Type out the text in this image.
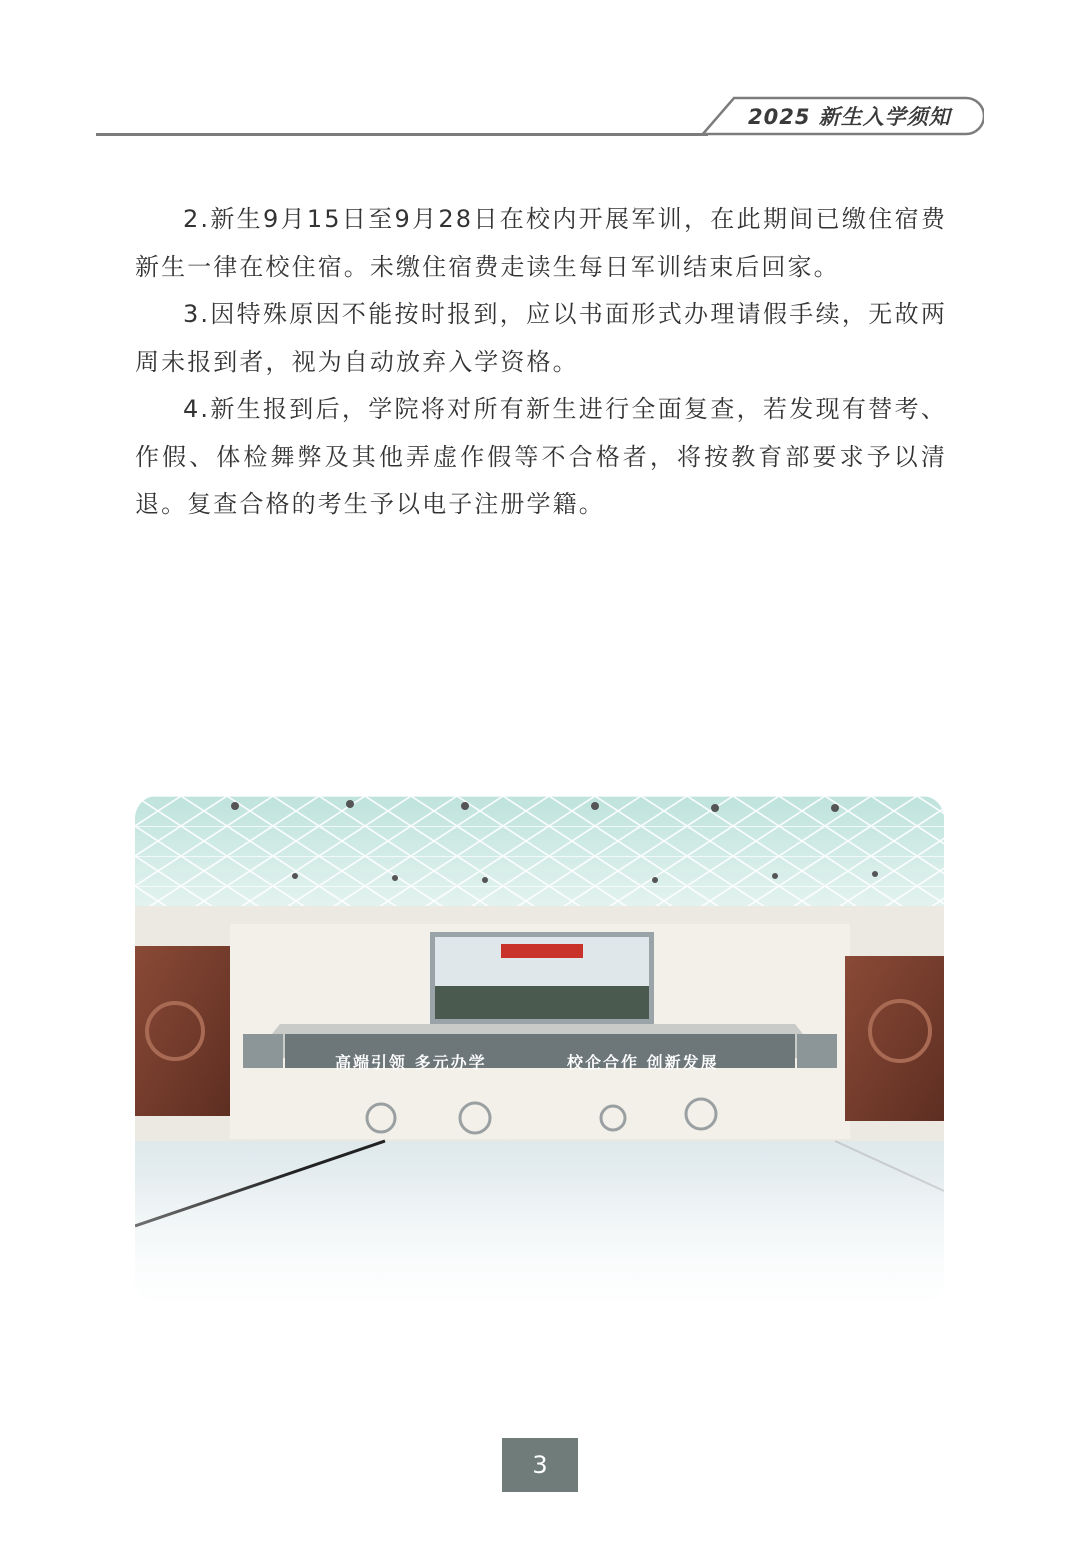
2025 新生入学须知

2.新生9月15日至9月28日在校内开展军训，在此期间已缴住宿费新生一律在校住宿。未缴住宿费走读生每日军训结束后回家。

3.因特殊原因不能按时报到，应以书面形式办理请假手续，无故两周未报到者，视为自动放弃入学资格。

4.新生报到后，学院将对所有新生进行全面复查，若发现有替考、作假、体检舞弊及其他弄虚作假等不合格者，将按教育部要求予以清退。复查合格的考生予以电子注册学籍。

高端引领 多元办学	校企合作 创新发展
3
